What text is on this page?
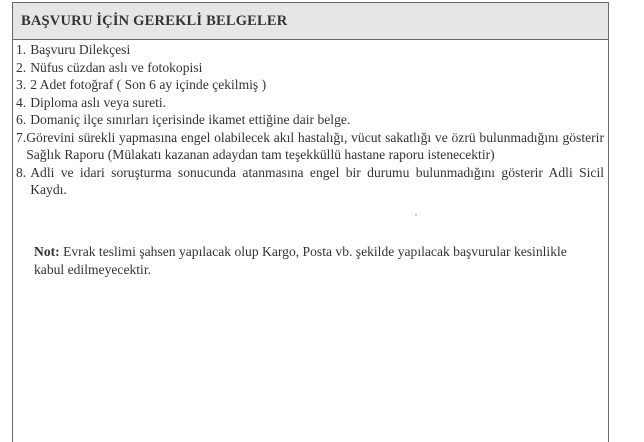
BAŞVURU İÇİN GEREKLİ BELGELER
1. Başvuru Dilekçesi
2. Nüfus cüzdan aslı ve fotokopisi
3. 2 Adet fotoğraf ( Son 6 ay içinde çekilmiş )
4. Diploma aslı veya sureti.
6. Domaniç ilçe sınırları içerisinde ikamet ettiğine dair belge.
7. Görevini sürekli yapmasına engel olabilecek akıl hastalığı, vücut sakatlığı ve özrü bulunmadığını gösterir Sağlık Raporu (Mülakatı kazanan adaydan tam teşekküllü hastane raporu istenecektir)
8. Adli ve idari soruşturma sonucunda atanmasına engel bir durumu bulunmadığını gösterir Adli Sicil Kaydı.
Not: Evrak teslimi şahsen yapılacak olup Kargo, Posta vb. şekilde yapılacak başvurular kesinlikle kabul edilmeyecektir.
